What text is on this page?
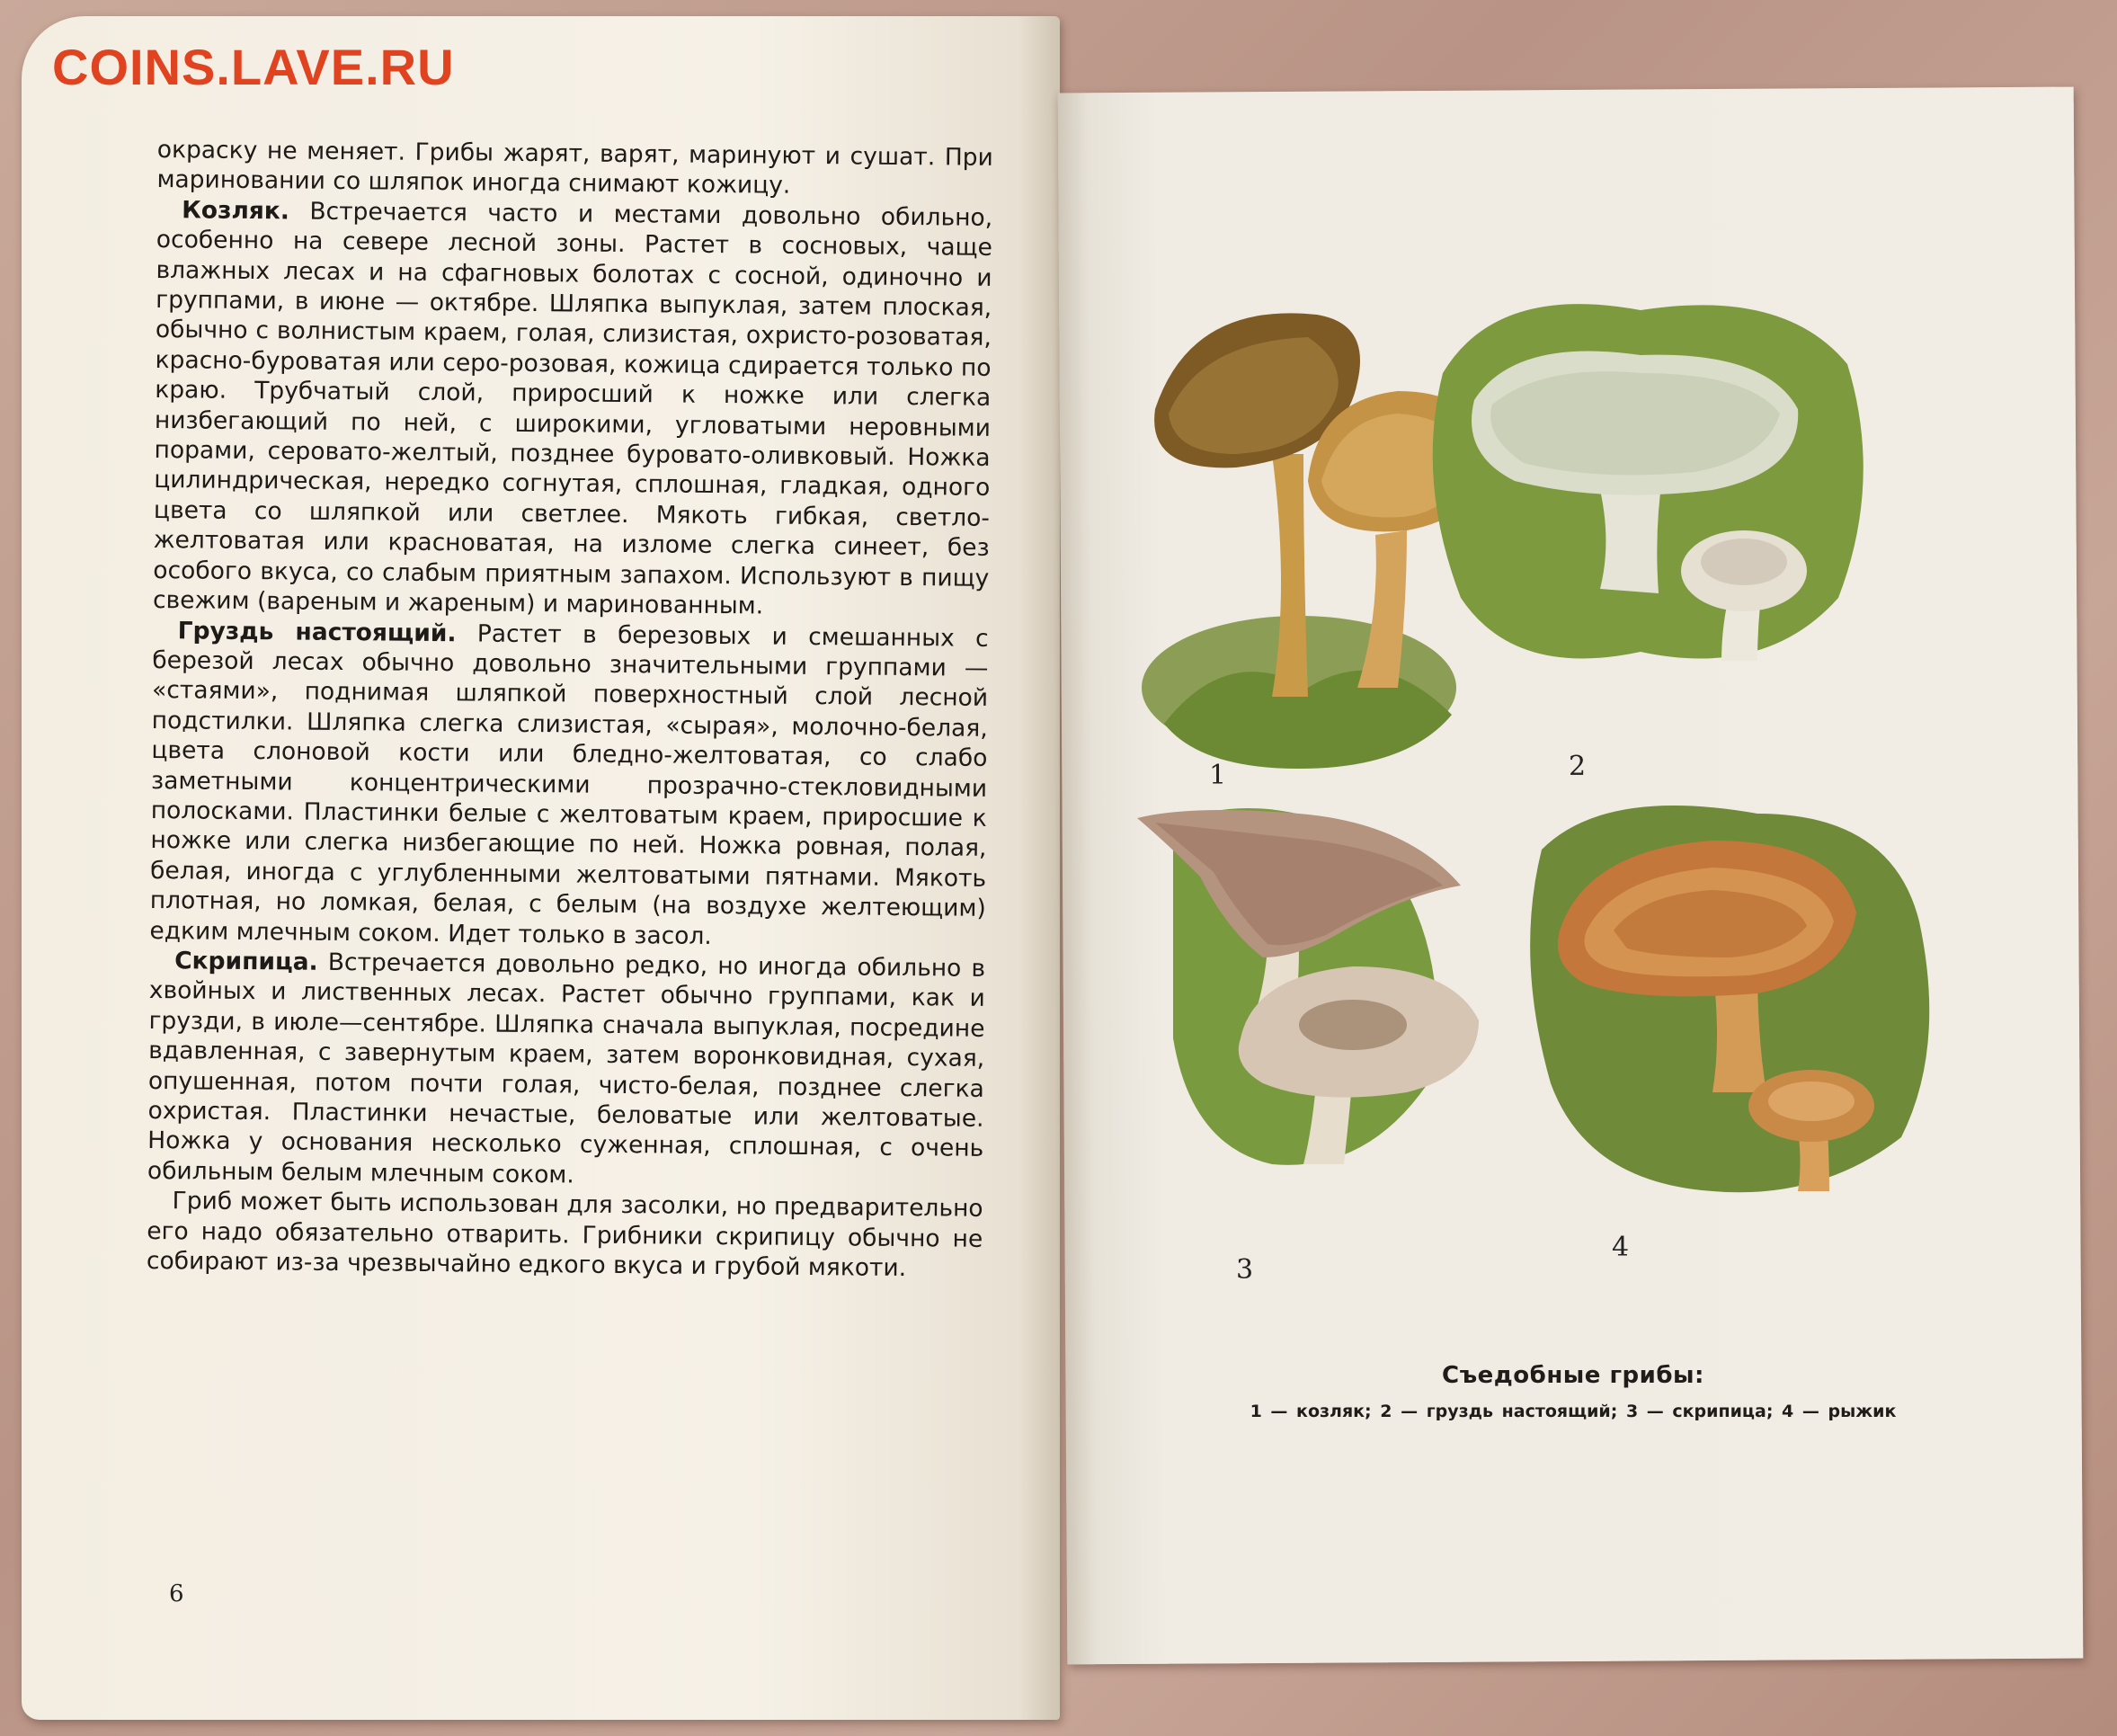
COINS.LAVE.RU

окраску не меняет. Грибы жарят, варят, маринуют и сушат. При мариновании со шляпок иногда снимают кожицу.

Козляк. Встречается часто и местами довольно обильно, особенно на севере лесной зоны. Растет в сосновых, чаще влажных лесах и на сфагновых болотах с сосной, одиночно и группами, в июне — октябре. Шляпка выпуклая, затем плоская, обычно с волнистым краем, голая, слизистая, охристо-розоватая, красно-буроватая или серо-розовая, кожица сдирается только по краю. Трубчатый слой, приросший к ножке или слегка низбегающий по ней, с широкими, угловатыми неровными порами, серовато-желтый, позднее буровато-оливковый. Ножка цилиндрическая, нередко согнутая, сплошная, гладкая, одного цвета со шляпкой или светлее. Мякоть гибкая, светло-желтоватая или красноватая, на изломе слегка синеет, без особого вкуса, со слабым приятным запахом. Используют в пищу свежим (вареным и жареным) и маринованным.

Груздь настоящий. Растет в березовых и смешанных с березой лесах обычно довольно значительными группами — «стаями», поднимая шляпкой поверхностный слой лесной подстилки. Шляпка слегка слизистая, «сырая», молочно-белая, цвета слоновой кости или бледно-желтоватая, со слабо заметными концентрическими прозрачно-стекловидными полосками. Пластинки белые с желтоватым краем, приросшие к ножке или слегка низбегающие по ней. Ножка ровная, полая, белая, иногда с углубленными желтоватыми пятнами. Мякоть плотная, но ломкая, белая, с белым (на воздухе желтеющим) едким млечным соком. Идет только в засол.

Скрипица. Встречается довольно редко, но иногда обильно в хвойных и лиственных лесах. Растет обычно группами, как и грузди, в июле—сентябре. Шляпка сначала выпуклая, посредине вдавленная, с завернутым краем, затем воронковидная, сухая, опушенная, потом почти голая, чисто-белая, позднее слегка охристая. Пластинки нечастые, беловатые или желтоватые. Ножка у основания несколько суженная, сплошная, с очень обильным белым млечным соком.

Гриб может быть использован для засолки, но предварительно его надо обязательно отварить. Грибники скрипицу обычно не собирают из-за чрезвычайно едкого вкуса и грубой мякоти.

6
1	2
3
4
Съедобные грибы:
1 — козляк; 2 — груздь настоящий; 3 — скрипица; 4 — рыжик
